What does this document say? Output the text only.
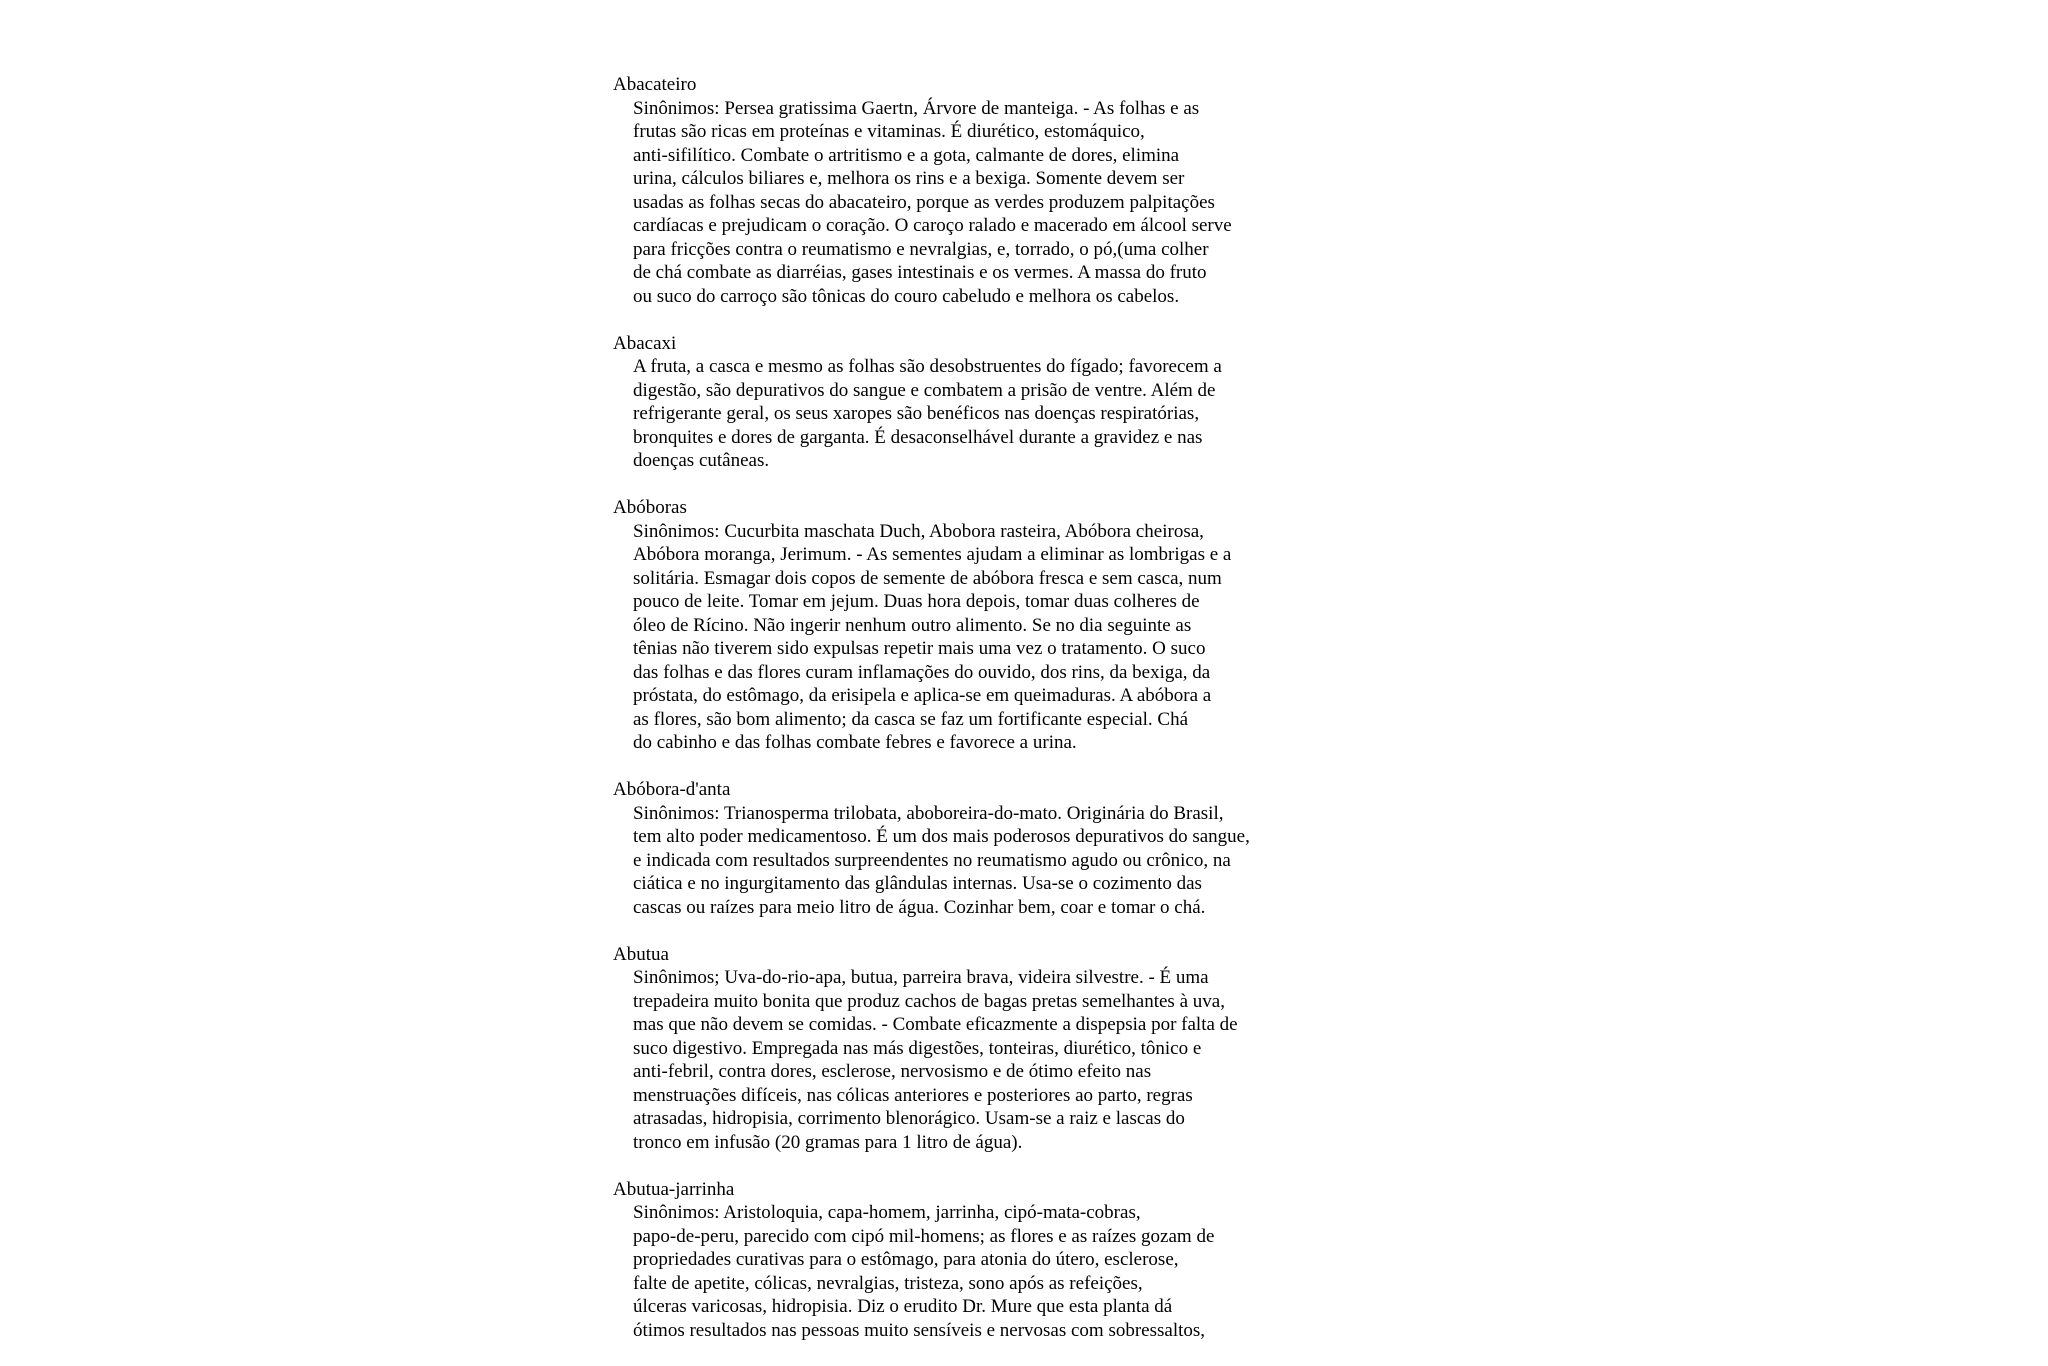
Abacateiro
Sinônimos: Persea gratissima Gaertn, Árvore de manteiga. - As folhas e as
frutas são ricas em proteínas e vitaminas. É diurético, estomáquico,
anti-sifilítico. Combate o artritismo e a gota, calmante de dores, elimina
urina, cálculos biliares e, melhora os rins e a bexiga. Somente devem ser
usadas as folhas secas do abacateiro, porque as verdes produzem palpitações
cardíacas e prejudicam o coração. O caroço ralado e macerado em álcool serve
para fricções contra o reumatismo e nevralgias, e, torrado, o pó,(uma colher
de chá combate as diarréias, gases intestinais e os vermes. A massa do fruto
ou suco do carroço são tônicas do couro cabeludo e melhora os cabelos.
Abacaxi
A fruta, a casca e mesmo as folhas são desobstruentes do fígado; favorecem a
digestão, são depurativos do sangue e combatem a prisão de ventre. Além de
refrigerante geral, os seus xaropes são benéficos nas doenças respiratórias,
bronquites e dores de garganta. É desaconselhável durante a gravidez e nas
doenças cutâneas.
Abóboras
Sinônimos: Cucurbita maschata Duch, Abobora rasteira, Abóbora cheirosa,
Abóbora moranga, Jerimum. - As sementes ajudam a eliminar as lombrigas e a
solitária. Esmagar dois copos de semente de abóbora fresca e sem casca, num
pouco de leite. Tomar em jejum. Duas hora depois, tomar duas colheres de
óleo de Rícino. Não ingerir nenhum outro alimento. Se no dia seguinte as
tênias não tiverem sido expulsas repetir mais uma vez o tratamento. O suco
das folhas e das flores curam inflamações do ouvido, dos rins, da bexiga, da
próstata, do estômago, da erisipela e aplica-se em queimaduras. A abóbora a
as flores, são bom alimento; da casca se faz um fortificante especial. Chá
do cabinho e das folhas combate febres e favorece a urina.
Abóbora-d'anta
Sinônimos: Trianosperma trilobata, aboboreira-do-mato. Originária do Brasil,
tem alto poder medicamentoso. É um dos mais poderosos depurativos do sangue,
e indicada com resultados surpreendentes no reumatismo agudo ou crônico, na
ciática e no ingurgitamento das glândulas internas. Usa-se o cozimento das
cascas ou raízes para meio litro de água. Cozinhar bem, coar e tomar o chá.
Abutua
Sinônimos; Uva-do-rio-apa, butua, parreira brava, videira silvestre. - É uma
trepadeira muito bonita que produz cachos de bagas pretas semelhantes à uva,
mas que não devem se comidas. - Combate eficazmente a dispepsia por falta de
suco digestivo. Empregada nas más digestões, tonteiras, diurético, tônico e
anti-febril, contra dores, esclerose, nervosismo e de ótimo efeito nas
menstruações difíceis, nas cólicas anteriores e posteriores ao parto, regras
atrasadas, hidropisia, corrimento blenorágico. Usam-se a raiz e lascas do
tronco em infusão (20 gramas para 1 litro de água).
Abutua-jarrinha
Sinônimos: Aristoloquia, capa-homem, jarrinha, cipó-mata-cobras,
papo-de-peru, parecido com cipó mil-homens; as flores e as raízes gozam de
propriedades curativas para o estômago, para atonia do útero, esclerose,
falte de apetite, cólicas, nevralgias, tristeza, sono após as refeições,
úlceras varicosas, hidropisia. Diz o erudito Dr. Mure que esta planta dá
ótimos resultados nas pessoas muito sensíveis e nervosas com sobressaltos,
